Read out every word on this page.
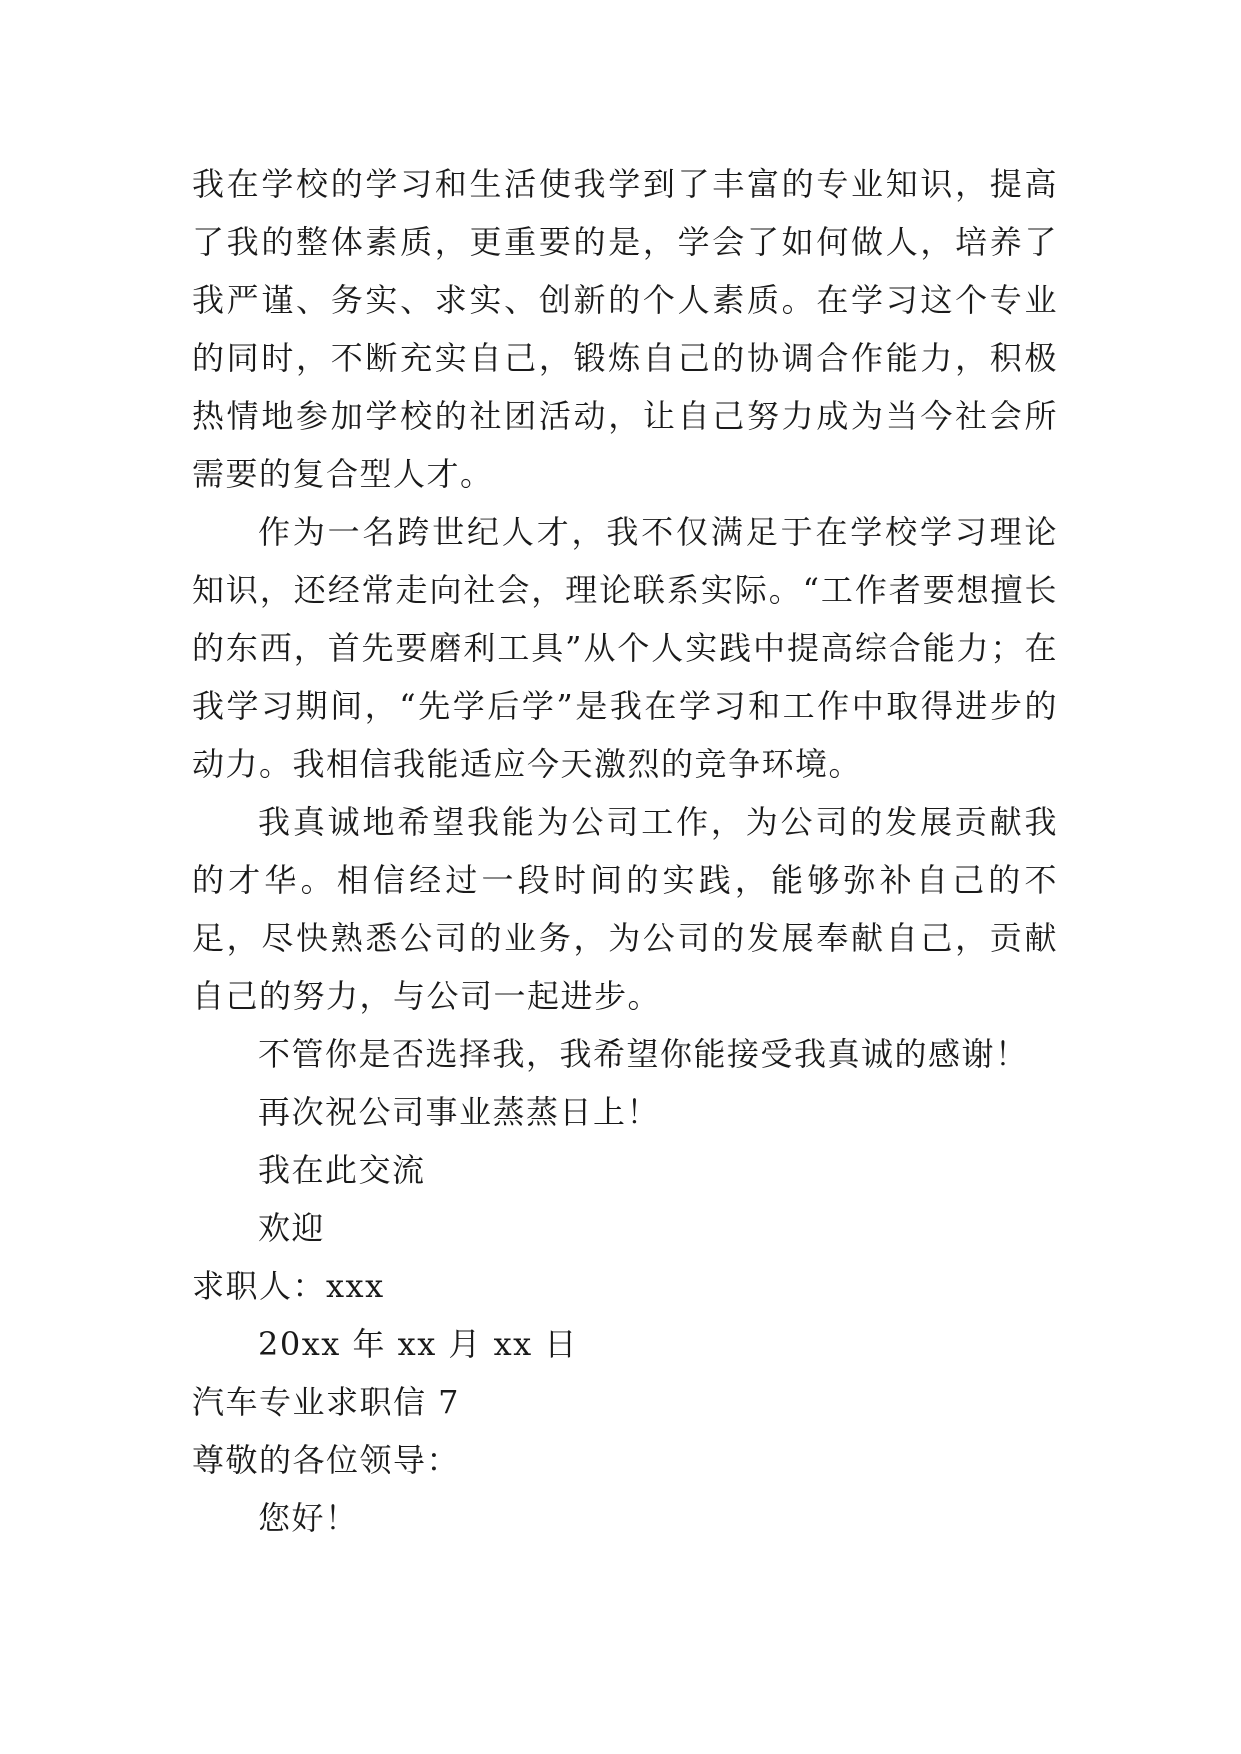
我在学校的学习和生活使我学到了丰富的专业知识，提高了我的整体素质，更重要的是，学会了如何做人，培养了我严谨、务实、求实、创新的个人素质。在学习这个专业的同时，不断充实自己，锻炼自己的协调合作能力，积极热情地参加学校的社团活动，让自己努力成为当今社会所需要的复合型人才。

作为一名跨世纪人才，我不仅满足于在学校学习理论知识，还经常走向社会，理论联系实际。“工作者要想擅长的东西，首先要磨利工具”从个人实践中提高综合能力；在我学习期间，“先学后学”是我在学习和工作中取得进步的动力。我相信我能适应今天激烈的竞争环境。

我真诚地希望我能为公司工作，为公司的发展贡献我的才华。相信经过一段时间的实践，能够弥补自己的不足，尽快熟悉公司的业务，为公司的发展奉献自己，贡献自己的努力，与公司一起进步。

不管你是否选择我，我希望你能接受我真诚的感谢！

再次祝公司事业蒸蒸日上！

我在此交流

欢迎

求职人：xxx

20xx 年 xx 月 xx 日

汽车专业求职信 7

尊敬的各位领导：

您好！
